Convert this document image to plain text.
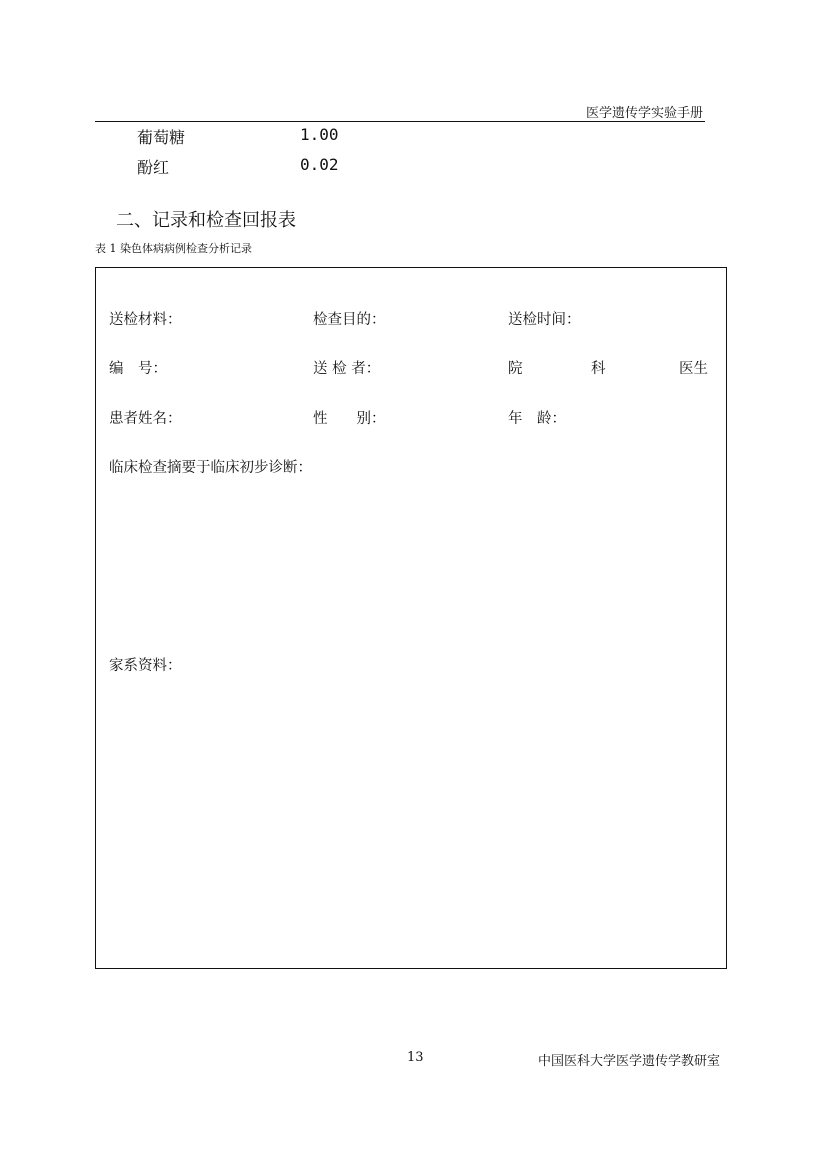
医学遗传学实验手册
葡萄糖	1.00
酚红	0.02
二、记录和检查回报表
表 1 染色体病病例检查分析记录
送检材料：	检查目的：	送检时间：
编　号：	送 检 者：	院	科	医生
患者姓名：	性　　别：	年　龄：
临床检查摘要于临床初步诊断：
家系资料：
13	中国医科大学医学遗传学教研室
